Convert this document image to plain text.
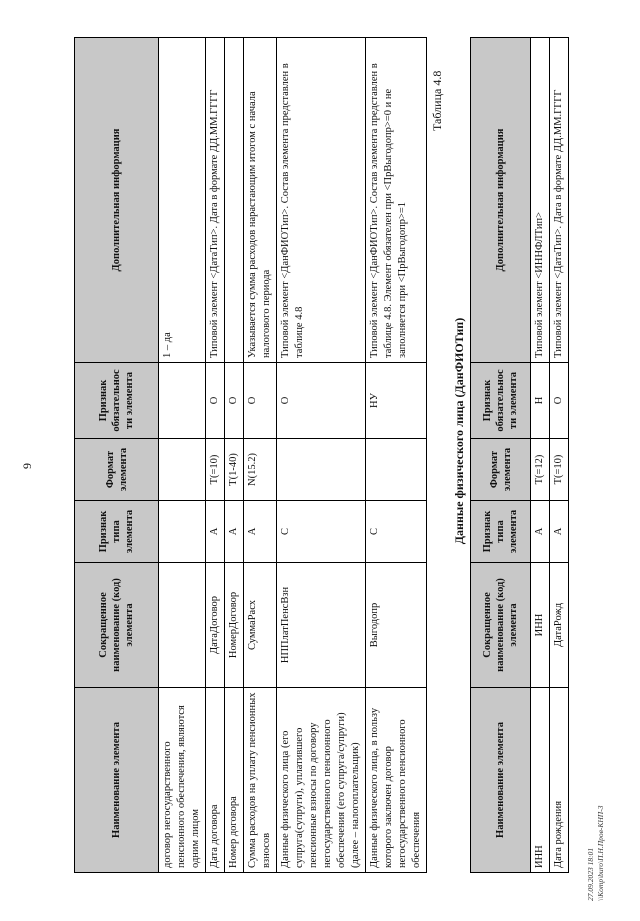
9
27.09.2023 18:01 \\Komp\buro\П.Н.Пров-КНП-3
Наименование элемента	Сокращенное наименование (код) элемента	Признак типа элемента	Формат элемента	Признак обязательности элемента	Дополнительная информация
договор негосударственного пенсионного обеспечения, являются одним лицом					1 – да
Дата договора	ДатаДоговор	А	T(=10)	О	Типовой элемент <ДатаТип>. Дата в формате ДД.ММ.ГГГГ
Номер договора	НомерДоговор	А	T(1-40)	О	
Сумма расходов на уплату пенсионных взносов	СуммаРасх	А	N(15.2)	О	Указывается сумма расходов нарастающим итогом с начала налогового периода
Данные физического лица (его супруга(супруги), уплатившего пенсионные взносы по договору негосударственного пенсионного обеспечения (его супруга/супруги) (далее – налогоплательщик)	НППлатПенсВзн	С		О	Типовой элемент <ДанФИОТип>. Состав элемента представлен в таблице 4.8
Данные физического лица, в пользу которого заключен договор негосударственного пенсионного обеспечения	Выгодопр	С		НУ	Типовой элемент <ДанФИОТип>. Состав элемента представлен в таблице 4.8. Элемент обязателен при <ПрВыгодопр>=0 и не заполняется при <ПрВыгодопр>=1
Таблица 4.8
Данные физического лица (ДанФИОТип)
Наименование элемента	Сокращенное наименование (код) элемента	Признак типа элемента	Формат элемента	Признак обязательности элемента	Дополнительная информация
ИНН	ИНН	А	T(=12)	Н	Типовой элемент <ИННФЛТип>
Дата рождения	ДатаРожд	А	T(=10)	О	Типовой элемент <ДатаТип>. Дата в формате ДД.ММ.ГГГГ
